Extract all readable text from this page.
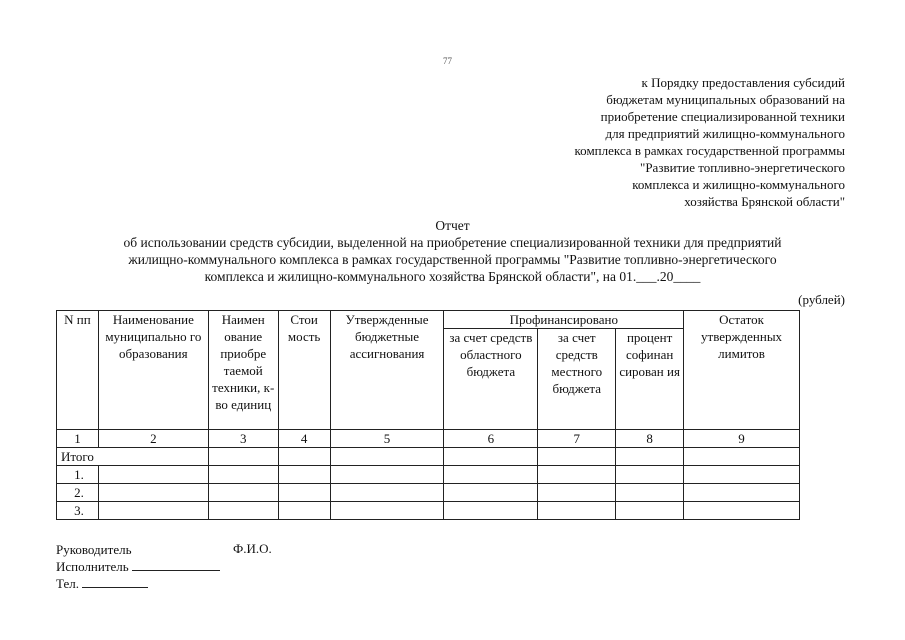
77
к Порядку предоставления субсидий
бюджетам муниципальных образований на
приобретение специализированной техники
для предприятий жилищно-коммунального
комплекса в рамках государственной программы
"Развитие топливно-энергетического
комплекса и жилищно-коммунального
хозяйства Брянской области"
Отчет
об использовании средств субсидии, выделенной на приобретение специализированной техники для предприятий
жилищно-коммунального комплекса в рамках государственной программы "Развитие топливно-энергетического
комплекса и жилищно-коммунального хозяйства Брянской области", на 01.___.20____
(рублей)
N пп	Наименование муниципально го образования	Наимен ование приобре таемой техники, к-во единиц	Стои мость	Утвержденные бюджетные ассигнования	Профинансировано			Остаток утвержденных лимитов
					за счет средств областного бюджета	за счет средств местного бюджета	процент софинан сирован ия	
1	2	3	4	5	6	7	8	9
Итого								
1.								
2.								
3.								
Руководитель
Исполнитель
Тел.
Ф.И.О.
